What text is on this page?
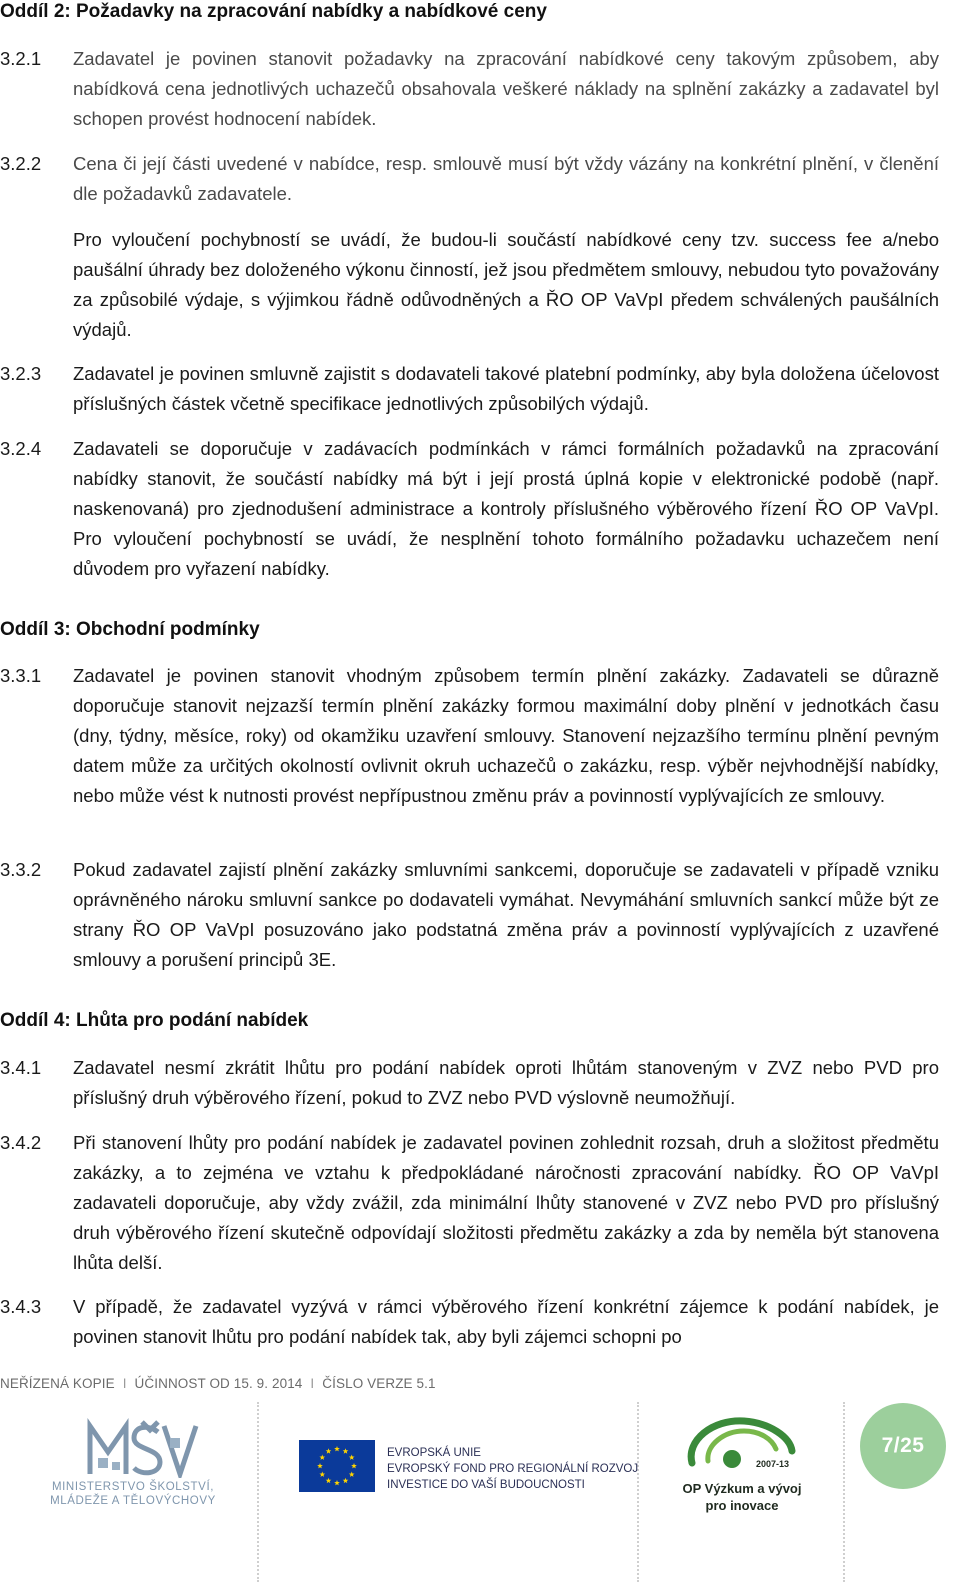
Oddíl 2: Požadavky na zpracování nabídky a nabídkové ceny
3.2.1 Zadavatel je povinen stanovit požadavky na zpracování nabídkové ceny takovým způsobem, aby nabídková cena jednotlivých uchazečů obsahovala veškeré náklady na splnění zakázky a zadavatel byl schopen provést hodnocení nabídek.

3.2.2 Cena či její části uvedené v nabídce, resp. smlouvě musí být vždy vázány na konkrétní plnění, v členění dle požadavků zadavatele.

Pro vyloučení pochybností se uvádí, že budou-li součástí nabídkové ceny tzv. success fee a/nebo paušální úhrady bez doloženého výkonu činností, jež jsou předmětem smlouvy, nebudou tyto považovány za způsobilé výdaje, s výjimkou řádně odůvodněných a ŘO OP VaVpI předem schválených paušálních výdajů.

3.2.3 Zadavatel je povinen smluvně zajistit s dodavateli takové platební podmínky, aby byla doložena účelovost příslušných částek včetně specifikace jednotlivých způsobilých výdajů.

3.2.4 Zadavateli se doporučuje v zadávacích podmínkách v rámci formálních požadavků na zpracování nabídky stanovit, že součástí nabídky má být i její prostá úplná kopie v elektronické podobě (např. naskenovaná) pro zjednodušení administrace a kontroly příslušného výběrového řízení ŘO OP VaVpI. Pro vyloučení pochybností se uvádí, že nesplnění tohoto formálního požadavku uchazečem není důvodem pro vyřazení nabídky.

Oddíl 3: Obchodní podmínky
3.3.1 Zadavatel je povinen stanovit vhodným způsobem termín plnění zakázky. Zadavateli se důrazně doporučuje stanovit nejzazší termín plnění zakázky formou maximální doby plnění v jednotkách času (dny, týdny, měsíce, roky) od okamžiku uzavření smlouvy. Stanovení nejzazšího termínu plnění pevným datem může za určitých okolností ovlivnit okruh uchazečů o zakázku, resp. výběr nejvhodnější nabídky, nebo může vést k nutnosti provést nepřípustnou změnu práv a povinností vyplývajících ze smlouvy.

3.3.2 Pokud zadavatel zajistí plnění zakázky smluvními sankcemi, doporučuje se zadavateli v případě vzniku oprávněného nároku smluvní sankce po dodavateli vymáhat. Nevymáhání smluvních sankcí může být ze strany ŘO OP VaVpI posuzováno jako podstatná změna práv a povinností vyplývajících z uzavřené smlouvy a porušení principů 3E.

Oddíl 4: Lhůta pro podání nabídek
3.4.1 Zadavatel nesmí zkrátit lhůtu pro podání nabídek oproti lhůtám stanoveným v ZVZ nebo PVD pro příslušný druh výběrového řízení, pokud to ZVZ nebo PVD výslovně neumožňují.

3.4.2 Při stanovení lhůty pro podání nabídek je zadavatel povinen zohlednit rozsah, druh a složitost předmětu zakázky, a to zejména ve vztahu k předpokládané náročnosti zpracování nabídky. ŘO OP VaVpI zadavateli doporučuje, aby vždy zvážil, zda minimální lhůty stanovené v ZVZ nebo PVD pro příslušný druh výběrového řízení skutečně odpovídají složitosti předmětu zakázky a zda by neměla být stanovena lhůta delší.

3.4.3 V případě, že zadavatel vyzývá v rámci výběrového řízení konkrétní zájemce k podání nabídek, je povinen stanovit lhůtu pro podání nabídek tak, aby byli zájemci schopni po

NEŘÍZENÁ KOPIE I ÚČINNOST OD 15. 9. 2014 I ČÍSLO VERZE 5.1
MINISTERSTVO ŠKOLSTVÍ,
MLÁDEŽE A TĚLOVÝCHOVY
EVROPSKÁ UNIE
EVROPSKÝ FOND PRO REGIONÁLNÍ ROZVOJ
INVESTICE DO VAŠÍ BUDOUCNOSTI
2007-13
OP Výzkum a vývoj
pro inovace
7/25
